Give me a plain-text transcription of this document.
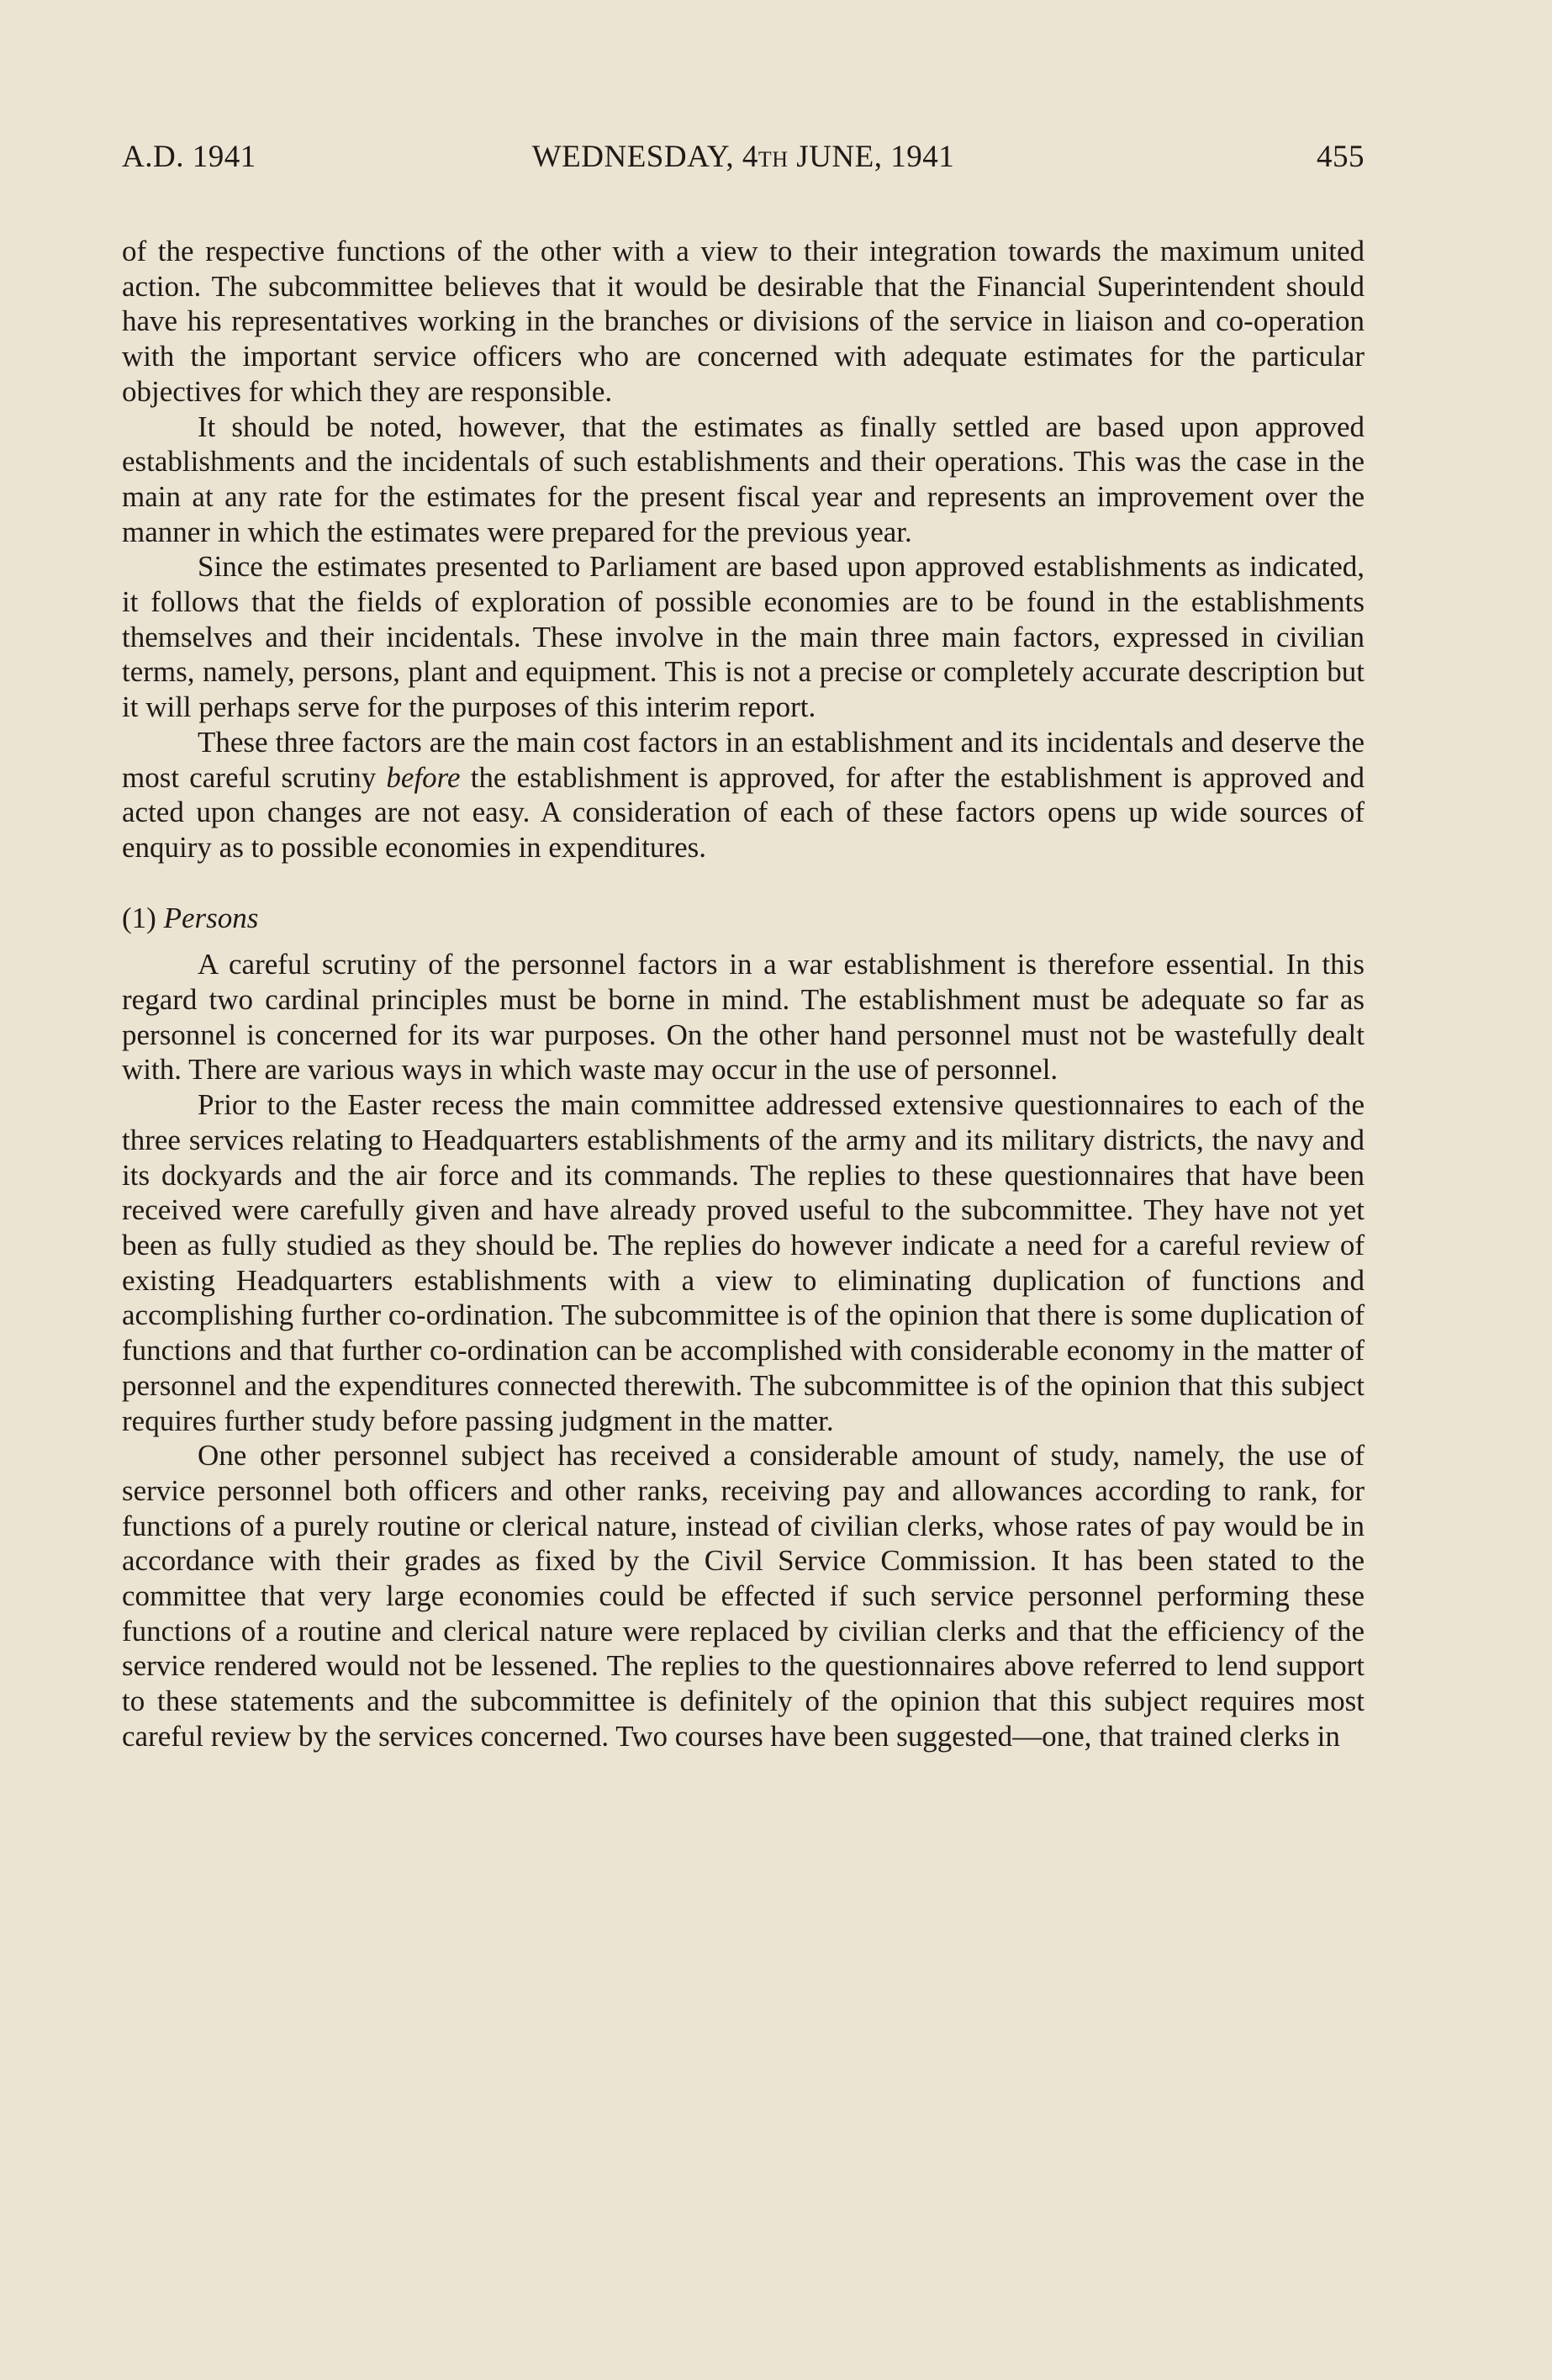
A.D. 1941	WEDNESDAY, 4TH JUNE, 1941	455

of the respective functions of the other with a view to their integration towards the maximum united action. The subcommittee believes that it would be desirable that the Financial Superintendent should have his representatives working in the branches or divisions of the service in liaison and co-operation with the important service officers who are concerned with adequate estimates for the particular objectives for which they are responsible.

It should be noted, however, that the estimates as finally settled are based upon approved establishments and the incidentals of such establishments and their operations. This was the case in the main at any rate for the estimates for the present fiscal year and represents an improvement over the manner in which the estimates were prepared for the previous year.

Since the estimates presented to Parliament are based upon approved establishments as indicated, it follows that the fields of exploration of possible economies are to be found in the establishments themselves and their incidentals. These involve in the main three main factors, expressed in civilian terms, namely, persons, plant and equipment. This is not a precise or completely accurate description but it will perhaps serve for the purposes of this interim report.

These three factors are the main cost factors in an establishment and its incidentals and deserve the most careful scrutiny before the establishment is approved, for after the establishment is approved and acted upon changes are not easy. A consideration of each of these factors opens up wide sources of enquiry as to possible economies in expenditures.

(1) Persons

A careful scrutiny of the personnel factors in a war establishment is therefore essential. In this regard two cardinal principles must be borne in mind. The establishment must be adequate so far as personnel is concerned for its war purposes. On the other hand personnel must not be wastefully dealt with. There are various ways in which waste may occur in the use of personnel.

Prior to the Easter recess the main committee addressed extensive questionnaires to each of the three services relating to Headquarters establishments of the army and its military districts, the navy and its dockyards and the air force and its commands. The replies to these questionnaires that have been received were carefully given and have already proved useful to the subcommittee. They have not yet been as fully studied as they should be. The replies do however indicate a need for a careful review of existing Headquarters establishments with a view to eliminating duplication of functions and accomplishing further co-ordination. The subcommittee is of the opinion that there is some duplication of functions and that further co-ordination can be accomplished with considerable economy in the matter of personnel and the expenditures connected therewith. The subcommittee is of the opinion that this subject requires further study before passing judgment in the matter.

One other personnel subject has received a considerable amount of study, namely, the use of service personnel both officers and other ranks, receiving pay and allowances according to rank, for functions of a purely routine or clerical nature, instead of civilian clerks, whose rates of pay would be in accordance with their grades as fixed by the Civil Service Commission. It has been stated to the committee that very large economies could be effected if such service personnel performing these functions of a routine and clerical nature were replaced by civilian clerks and that the efficiency of the service rendered would not be lessened. The replies to the questionnaires above referred to lend support to these statements and the subcommittee is definitely of the opinion that this subject requires most careful review by the services concerned. Two courses have been suggested—one, that trained clerks in
